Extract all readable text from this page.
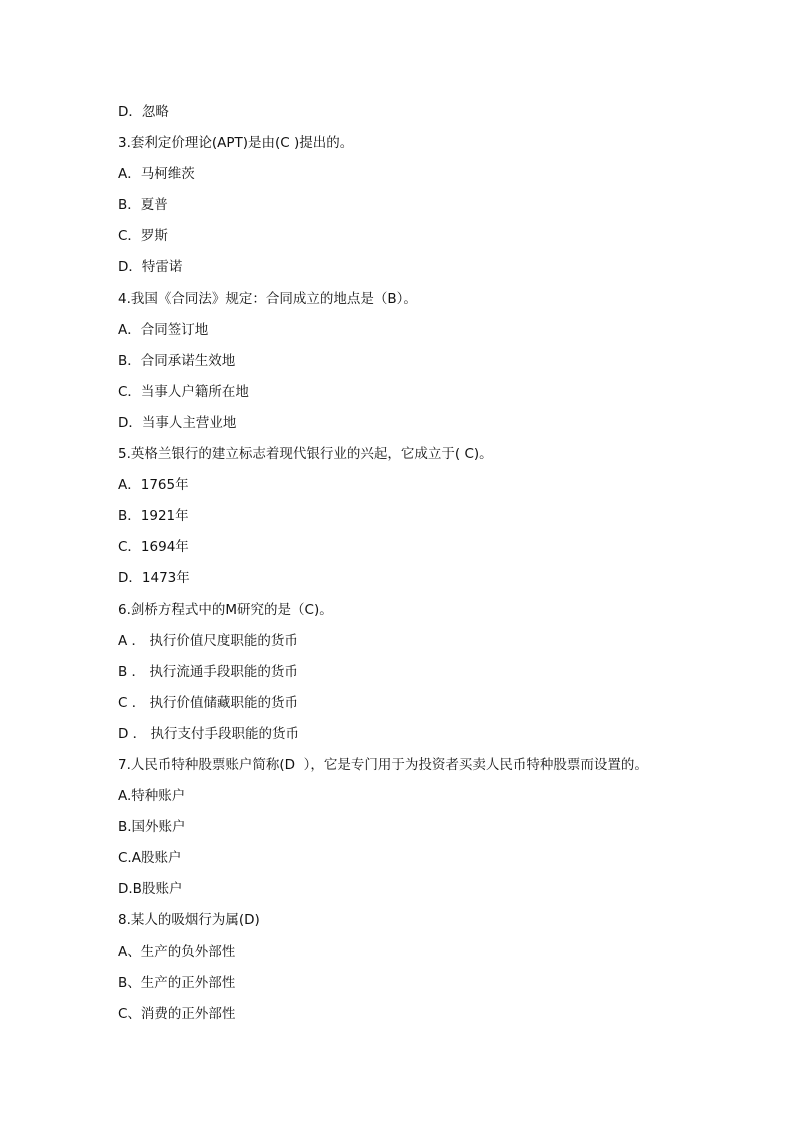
D．忽略
3.套利定价理论(APT)是由(C )提出的。
A．马柯维茨
B．夏普
C．罗斯
D．特雷诺
4.我国《合同法》规定：合同成立的地点是（B）。
A．合同签订地
B．合同承诺生效地
C．当事人户籍所在地
D．当事人主营业地
5.英格兰银行的建立标志着现代银行业的兴起，它成立于( C)。
A．1765年
B．1921年
C．1694年
D．1473年
6.剑桥方程式中的M研究的是（C)。
A ． 执行价值尺度职能的货币
B ． 执行流通手段职能的货币
C ． 执行价值储藏职能的货币
D ． 执行支付手段职能的货币
7.人民币特种股票账户简称(D  ），它是专门用于为投资者买卖人民币特种股票而设置的。
A.特种账户
B.国外账户
C.A股账户
D.B股账户
8.某人的吸烟行为属(D)
A、生产的负外部性
B、生产的正外部性
C、消费的正外部性
